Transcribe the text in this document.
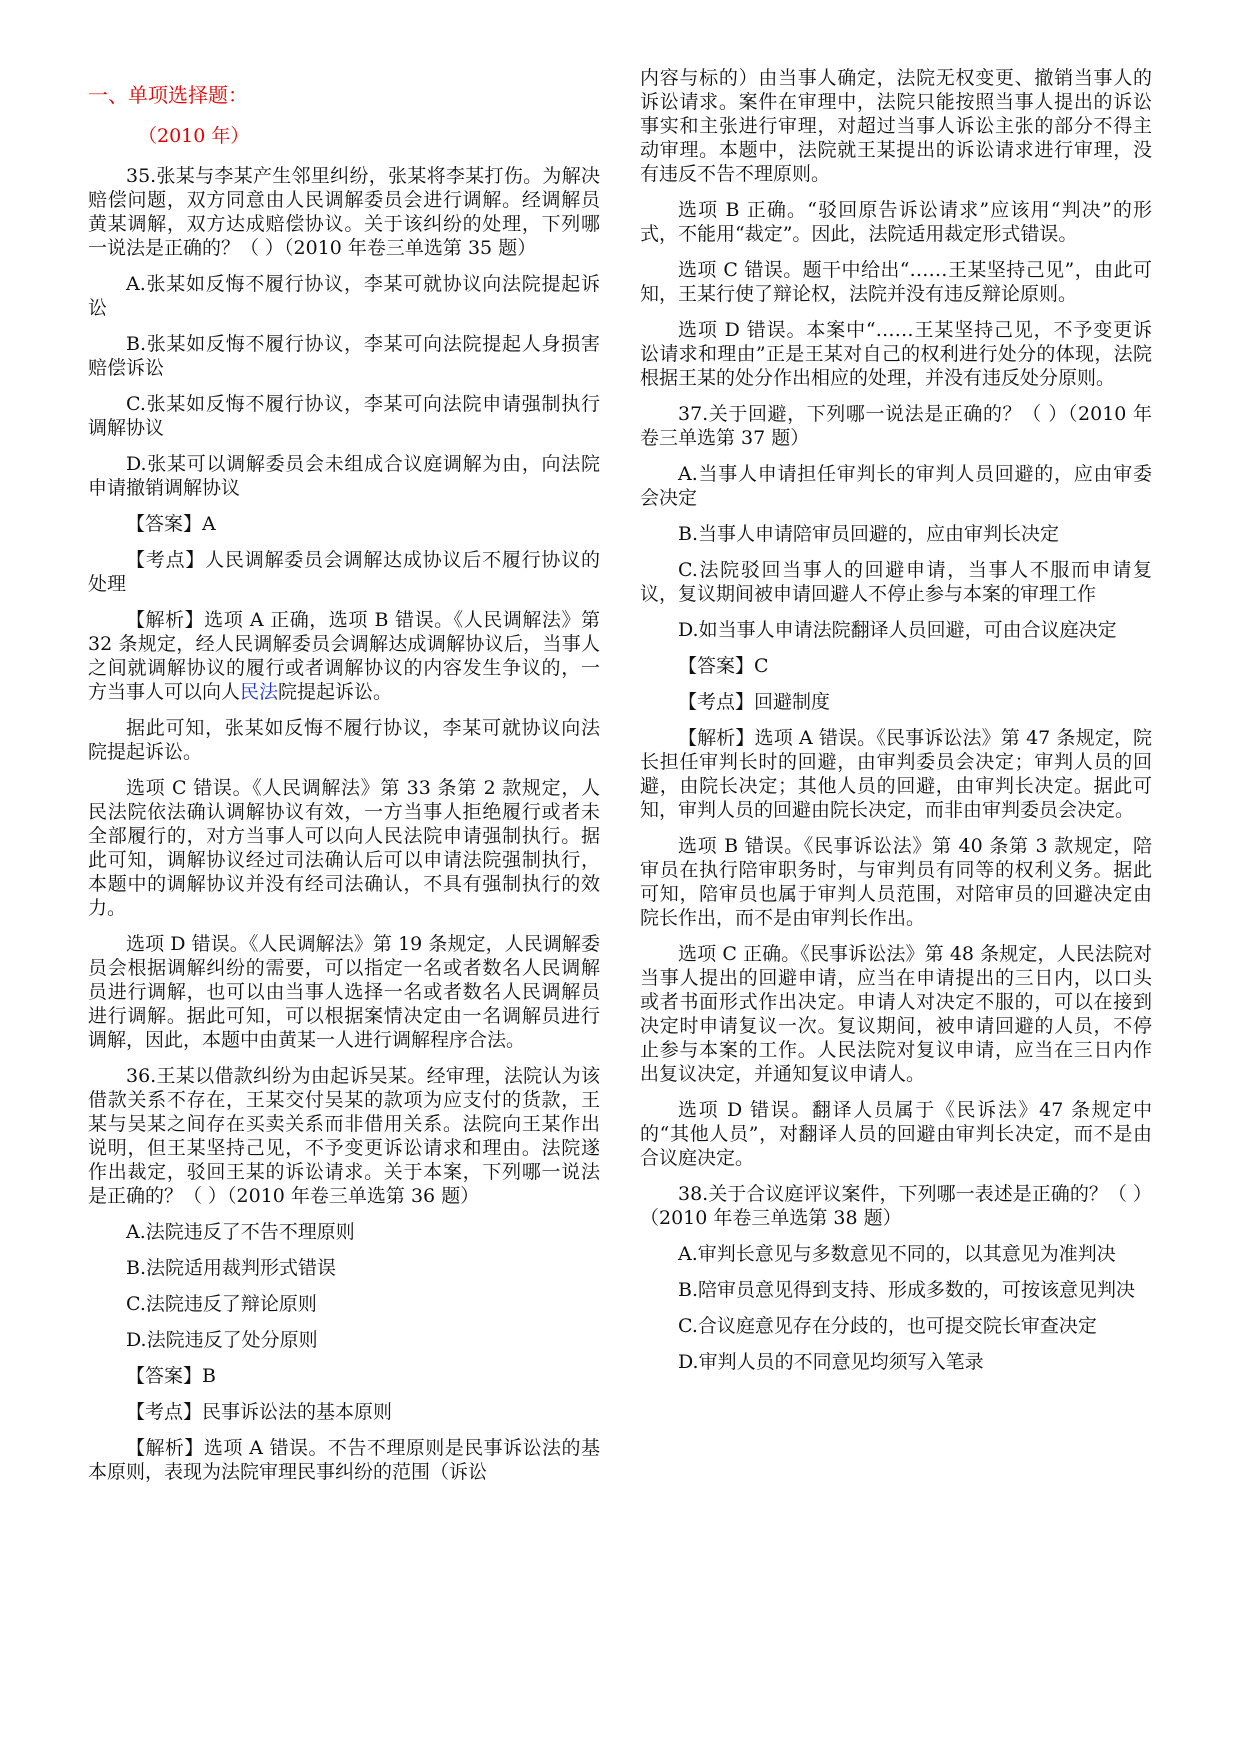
一、单项选择题：

（2010 年）

35.张某与李某产生邻里纠纷，张某将李某打伤。为解决赔偿问题，双方同意由人民调解委员会进行调解。经调解员黄某调解，双方达成赔偿协议。关于该纠纷的处理，下列哪一说法是正确的？（ ）（2010 年卷三单选第 35 题）

A.张某如反悔不履行协议，李某可就协议向法院提起诉讼

B.张某如反悔不履行协议，李某可向法院提起人身损害赔偿诉讼

C.张某如反悔不履行协议，李某可向法院申请强制执行调解协议

D.张某可以调解委员会未组成合议庭调解为由，向法院申请撤销调解协议

【答案】A

【考点】人民调解委员会调解达成协议后不履行协议的处理

【解析】选项 A 正确，选项 B 错误。《人民调解法》第 32 条规定，经人民调解委员会调解达成调解协议后，当事人之间就调解协议的履行或者调解协议的内容发生争议的，一方当事人可以向人民法院提起诉讼。

据此可知，张某如反悔不履行协议，李某可就协议向法院提起诉讼。

选项 C 错误。《人民调解法》第 33 条第 2 款规定，人民法院依法确认调解协议有效，一方当事人拒绝履行或者未全部履行的，对方当事人可以向人民法院申请强制执行。据此可知，调解协议经过司法确认后可以申请法院强制执行，本题中的调解协议并没有经司法确认，不具有强制执行的效力。

选项 D 错误。《人民调解法》第 19 条规定，人民调解委员会根据调解纠纷的需要，可以指定一名或者数名人民调解员进行调解，也可以由当事人选择一名或者数名人民调解员进行调解。据此可知，可以根据案情决定由一名调解员进行调解，因此，本题中由黄某一人进行调解程序合法。

36.王某以借款纠纷为由起诉吴某。经审理，法院认为该借款关系不存在，王某交付吴某的款项为应支付的货款，王某与吴某之间存在买卖关系而非借用关系。法院向王某作出说明，但王某坚持己见，不予变更诉讼请求和理由。法院遂作出裁定，驳回王某的诉讼请求。关于本案，下列哪一说法是正确的？（ ）（2010 年卷三单选第 36 题）

A.法院违反了不告不理原则

B.法院适用裁判形式错误

C.法院违反了辩论原则

D.法院违反了处分原则

【答案】B

【考点】民事诉讼法的基本原则

【解析】选项 A 错误。不告不理原则是民事诉讼法的基本原则，表现为法院审理民事纠纷的范围（诉讼

内容与标的）由当事人确定，法院无权变更、撤销当事人的诉讼请求。案件在审理中，法院只能按照当事人提出的诉讼事实和主张进行审理，对超过当事人诉讼主张的部分不得主动审理。本题中，法院就王某提出的诉讼请求进行审理，没有违反不告不理原则。

选项 B 正确。“驳回原告诉讼请求”应该用“判决”的形式，不能用“裁定”。因此，法院适用裁定形式错误。

选项 C 错误。题干中给出“……王某坚持己见”，由此可知，王某行使了辩论权，法院并没有违反辩论原则。

选项 D 错误。本案中“……王某坚持己见，不予变更诉讼请求和理由”正是王某对自己的权利进行处分的体现，法院根据王某的处分作出相应的处理，并没有违反处分原则。

37.关于回避，下列哪一说法是正确的？（ ）（2010 年卷三单选第 37 题）

A.当事人申请担任审判长的审判人员回避的，应由审委会决定

B.当事人申请陪审员回避的，应由审判长决定

C.法院驳回当事人的回避申请，当事人不服而申请复议，复议期间被申请回避人不停止参与本案的审理工作

D.如当事人申请法院翻译人员回避，可由合议庭决定

【答案】C

【考点】回避制度

【解析】选项 A 错误。《民事诉讼法》第 47 条规定，院长担任审判长时的回避，由审判委员会决定；审判人员的回避，由院长决定；其他人员的回避，由审判长决定。据此可知，审判人员的回避由院长决定，而非由审判委员会决定。

选项 B 错误。《民事诉讼法》第 40 条第 3 款规定，陪审员在执行陪审职务时，与审判员有同等的权利义务。据此可知，陪审员也属于审判人员范围，对陪审员的回避决定由院长作出，而不是由审判长作出。

选项 C 正确。《民事诉讼法》第 48 条规定，人民法院对当事人提出的回避申请，应当在申请提出的三日内，以口头或者书面形式作出决定。申请人对决定不服的，可以在接到决定时申请复议一次。复议期间，被申请回避的人员，不停止参与本案的工作。人民法院对复议申请，应当在三日内作出复议决定，并通知复议申请人。

选项 D 错误。翻译人员属于《民诉法》47 条规定中的“其他人员”，对翻译人员的回避由审判长决定，而不是由合议庭决定。

38.关于合议庭评议案件，下列哪一表述是正确的？（ ）（2010 年卷三单选第 38 题）

A.审判长意见与多数意见不同的，以其意见为准判决

B.陪审员意见得到支持、形成多数的，可按该意见判决

C.合议庭意见存在分歧的，也可提交院长审查决定

D.审判人员的不同意见均须写入笔录
